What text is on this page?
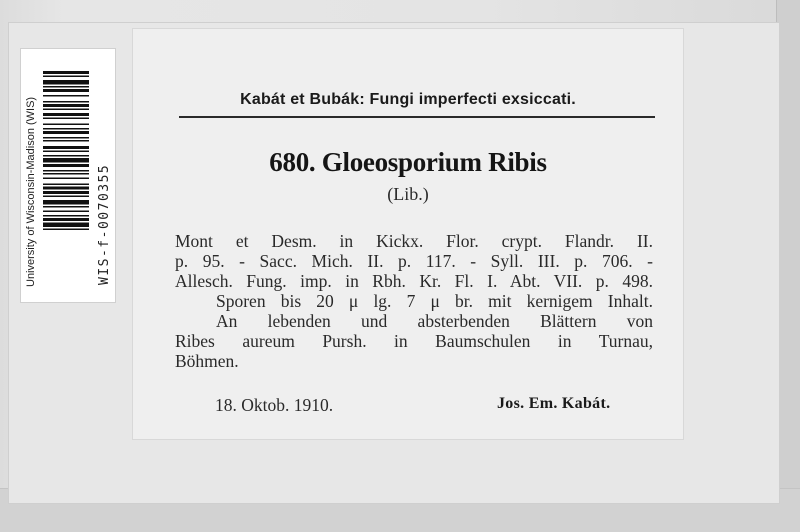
Kabát et Bubák: Fungi imperfecti exsiccati.
680. Gloeosporium Ribis
(Lib.)
Mont et Desm. in Kickx. Flor. crypt. Flandr. II.
p. 95. - Sacc. Mich. II. p. 117. - Syll. III. p. 706. -
Allesch. Fung. imp. in Rbh. Kr. Fl. I. Abt. VII. p. 498.
Sporen bis 20 μ lg. 7 μ br. mit kernigem Inhalt.
An lebenden und absterbenden Blättern von
Ribes aureum Pursh. in Baumschulen in Turnau,
Böhmen.
18. Oktob. 1910.	Jos. Em. Kabát.
University of Wisconsin-Madison (WIS)	WIS-f-0070355
